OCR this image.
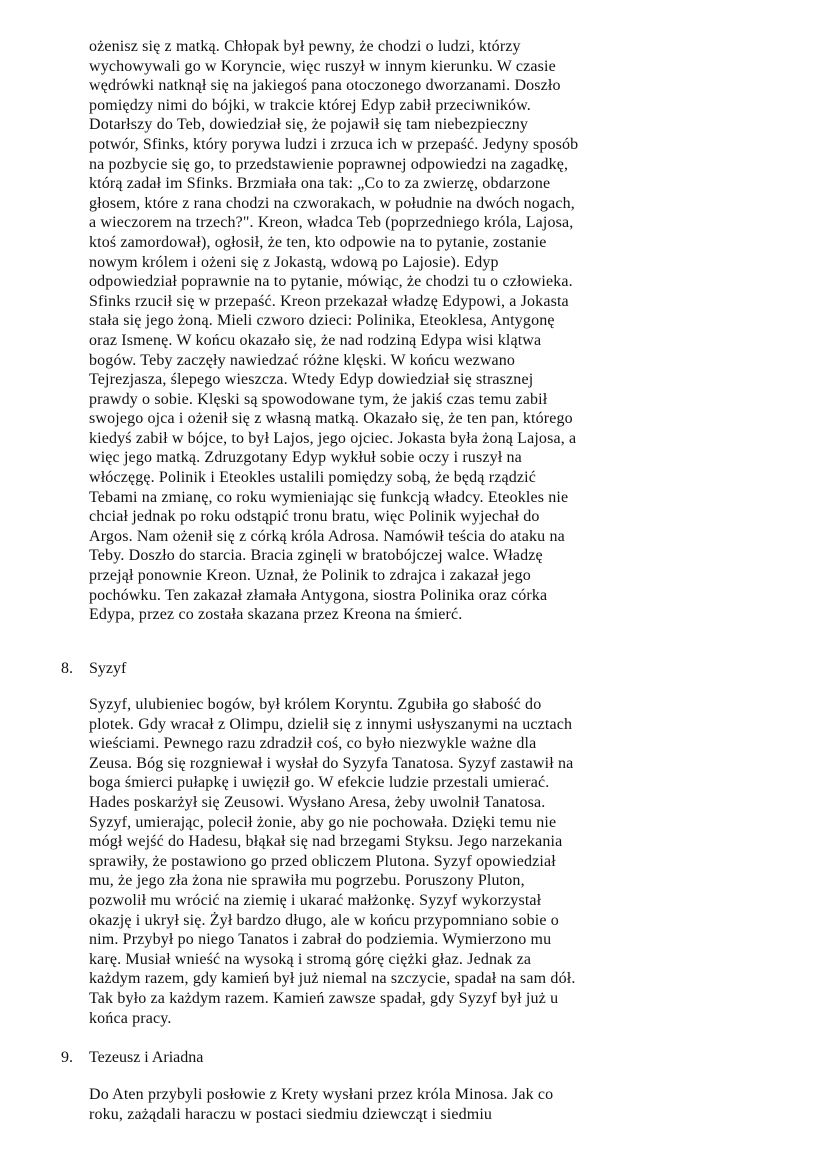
ożenisz się z matką. Chłopak był pewny, że chodzi o ludzi, którzy wychowywali go w Koryncie, więc ruszył w innym kierunku. W czasie wędrówki natknął się na jakiegoś pana otoczonego dworzanami. Doszło pomiędzy nimi do bójki, w trakcie której Edyp zabił przeciwników. Dotarłszy do Teb, dowiedział się, że pojawił się tam niebezpieczny potwór, Sfinks, który porywa ludzi i zrzuca ich w przepaść. Jedyny sposób na pozbycie się go, to przedstawienie poprawnej odpowiedzi na zagadkę, którą zadał im Sfinks. Brzmiała ona tak: „Co to za zwierzę, obdarzone głosem, które z rana chodzi na czworakach, w południe na dwóch nogach, a wieczorem na trzech?". Kreon, władca Teb (poprzedniego króla, Lajosa, ktoś zamordował), ogłosił, że ten, kto odpowie na to pytanie, zostanie nowym królem i ożeni się z Jokastą, wdową po Lajosie). Edyp odpowiedział poprawnie na to pytanie, mówiąc, że chodzi tu o człowieka. Sfinks rzucił się w przepaść. Kreon przekazał władzę Edypowi, a Jokasta stała się jego żoną. Mieli czworo dzieci: Polinika, Eteoklesa, Antygonę oraz Ismenę. W końcu okazało się, że nad rodziną Edypa wisi klątwa bogów. Teby zaczęły nawiedzać różne klęski. W końcu wezwano Tejrezjasza, ślepego wieszcza. Wtedy Edyp dowiedział się strasznej prawdy o sobie. Klęski są spowodowane tym, że jakiś czas temu zabił swojego ojca i ożenił się z własną matką. Okazało się, że ten pan, którego kiedyś zabił w bójce, to był Lajos, jego ojciec. Jokasta była żoną Lajosa, a więc jego matką. Zdruzgotany Edyp wykłuł sobie oczy i ruszył na włóczęgę. Polinik i Eteokles ustalili pomiędzy sobą, że będą rządzić Tebami na zmianę, co roku wymieniając się funkcją władcy. Eteokles nie chciał jednak po roku odstąpić tronu bratu, więc Polinik wyjechał do Argos. Nam ożenił się z córką króla Adrosa. Namówił teścia do ataku na Teby. Doszło do starcia. Bracia zginęli w bratobójczej walce. Władzę przejął ponownie Kreon. Uznał, że Polinik to zdrajca i zakazał jego pochówku. Ten zakazał złamała Antygona, siostra Polinika oraz córka Edypa, przez co została skazana przez Kreona na śmierć.

8. Syzyf

Syzyf, ulubieniec bogów, był królem Koryntu. Zgubiła go słabość do plotek. Gdy wracał z Olimpu, dzielił się z innymi usłyszanymi na ucztach wieściami. Pewnego razu zdradził coś, co było niezwykle ważne dla Zeusa. Bóg się rozgniewał i wysłał do Syzyfa Tanatosa. Syzyf zastawił na boga śmierci pułapkę i uwięził go. W efekcie ludzie przestali umierać. Hades poskarżył się Zeusowi. Wysłano Aresa, żeby uwolnił Tanatosa. Syzyf, umierając, polecił żonie, aby go nie pochowała. Dzięki temu nie mógł wejść do Hadesu, błąkał się nad brzegami Styksu. Jego narzekania sprawiły, że postawiono go przed obliczem Plutona. Syzyf opowiedział mu, że jego zła żona nie sprawiła mu pogrzebu. Poruszony Pluton, pozwolił mu wrócić na ziemię i ukarać małżonkę. Syzyf wykorzystał okazję i ukrył się. Żył bardzo długo, ale w końcu przypomniano sobie o nim. Przybył po niego Tanatos i zabrał do podziemia. Wymierzono mu karę. Musiał wnieść na wysoką i stromą górę ciężki głaz. Jednak za każdym razem, gdy kamień był już niemal na szczycie, spadał na sam dół. Tak było za każdym razem. Kamień zawsze spadał, gdy Syzyf był już u końca pracy.

9. Tezeusz i Ariadna

Do Aten przybyli posłowie z Krety wysłani przez króla Minosa. Jak co roku, zażądali haraczu w postaci siedmiu dziewcząt i siedmiu
